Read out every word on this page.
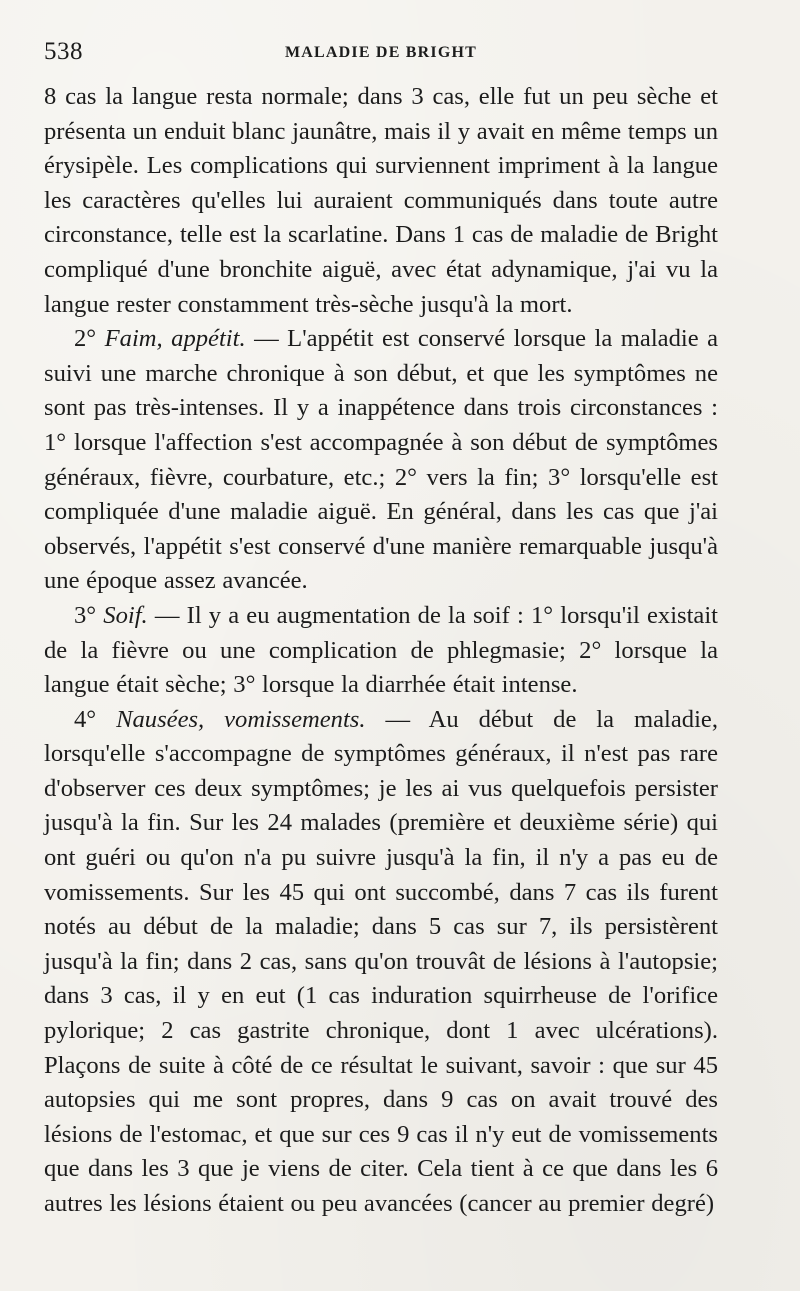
538	MALADIE DE BRIGHT

8 cas la langue resta normale; dans 3 cas, elle fut un peu sèche et présenta un enduit blanc jaunâtre, mais il y avait en même temps un érysipèle. Les complications qui surviennent impriment à la langue les caractères qu'elles lui auraient communiqués dans toute autre circonstance, telle est la scarlatine. Dans 1 cas de maladie de Bright compliqué d'une bronchite aiguë, avec état adynamique, j'ai vu la langue rester constamment très-sèche jusqu'à la mort.

2° Faim, appétit. — L'appétit est conservé lorsque la maladie a suivi une marche chronique à son début, et que les symptômes ne sont pas très-intenses. Il y a inappétence dans trois circonstances : 1° lorsque l'affection s'est accompagnée à son début de symptômes généraux, fièvre, courbature, etc.; 2° vers la fin; 3° lorsqu'elle est compliquée d'une maladie aiguë. En général, dans les cas que j'ai observés, l'appétit s'est conservé d'une manière remarquable jusqu'à une époque assez avancée.

3° Soif. — Il y a eu augmentation de la soif : 1° lorsqu'il existait de la fièvre ou une complication de phlegmasie; 2° lorsque la langue était sèche; 3° lorsque la diarrhée était intense.

4° Nausées, vomissements. — Au début de la maladie, lorsqu'elle s'accompagne de symptômes généraux, il n'est pas rare d'observer ces deux symptômes; je les ai vus quelquefois persister jusqu'à la fin. Sur les 24 malades (première et deuxième série) qui ont guéri ou qu'on n'a pu suivre jusqu'à la fin, il n'y a pas eu de vomissements. Sur les 45 qui ont succombé, dans 7 cas ils furent notés au début de la maladie; dans 5 cas sur 7, ils persistèrent jusqu'à la fin; dans 2 cas, sans qu'on trouvât de lésions à l'autopsie; dans 3 cas, il y en eut (1 cas induration squirrheuse de l'orifice pylorique; 2 cas gastrite chronique, dont 1 avec ulcérations). Plaçons de suite à côté de ce résultat le suivant, savoir : que sur 45 autopsies qui me sont propres, dans 9 cas on avait trouvé des lésions de l'estomac, et que sur ces 9 cas il n'y eut de vomissements que dans les 3 que je viens de citer. Cela tient à ce que dans les 6 autres les lésions étaient ou peu avancées (cancer au premier degré)
